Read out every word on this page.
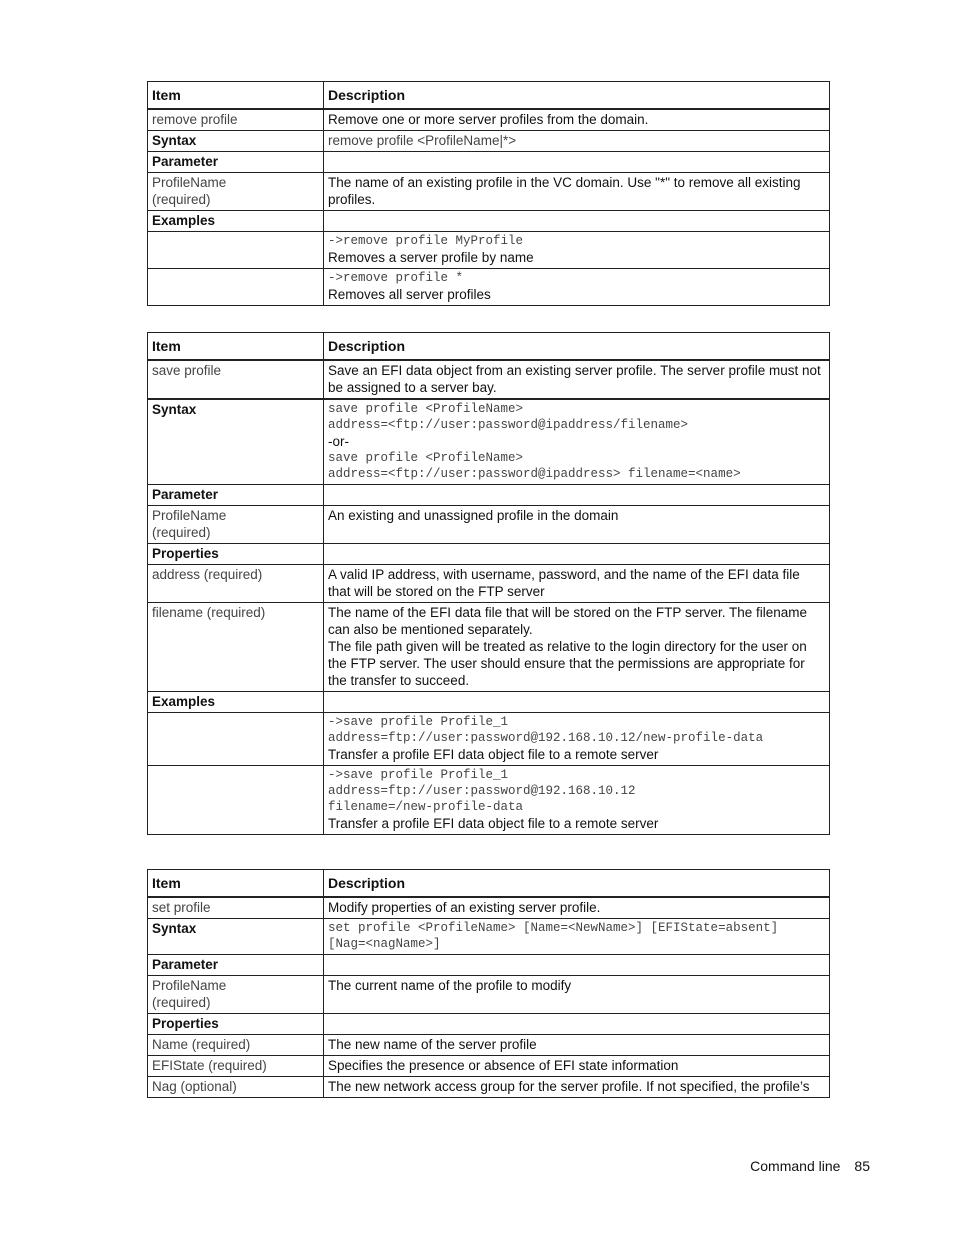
Item	Description
remove profile	Remove one or more server profiles from the domain.
Syntax	remove profile <ProfileName|*>
Parameter	

ProfileName
(required)	The name of an existing profile in the VC domain. Use "*" to remove all existing profiles.
Examples	

	->remove profile MyProfile
Removes a server profile by name

	->remove profile *
Removes all server profiles
Item	Description
save profile	Save an EFI data object from an existing server profile. The server profile must not be assigned to a server bay.
Syntax	save profile <ProfileName>
address=<ftp://user:password@ipaddress/filename>
-or-
save profile <ProfileName>
address=<ftp://user:password@ipaddress> filename=<name>

Parameter	

ProfileName
(required)	An existing and unassigned profile in the domain
Properties	
address (required)	A valid IP address, with username, password, and the name of the EFI data file that will be stored on the FTP server
filename (required)	The name of the EFI data file that will be stored on the FTP server. The filename can also be mentioned separately.
The file path given will be treated as relative to the login directory for the user on the FTP server. The user should ensure that the permissions are appropriate for the transfer to succeed.

Examples	

	->save profile Profile_1
address=ftp://user:password@192.168.10.12/new-profile-data
Transfer a profile EFI data object file to a remote server

	->save profile Profile_1
address=ftp://user:password@192.168.10.12
filename=/new-profile-data
Transfer a profile EFI data object file to a remote server
Item	Description
set profile	Modify properties of an existing server profile.
Syntax	set profile <ProfileName> [Name=<NewName>] [EFIState=absent]
[Nag=<nagName>]

Parameter	

ProfileName
(required)	The current name of the profile to modify
Properties	
Name (required)	The new name of the server profile
EFIState (required)	Specifies the presence or absence of EFI state information
Nag (optional)	The new network access group for the server profile. If not specified, the profile’s
Command line 85
